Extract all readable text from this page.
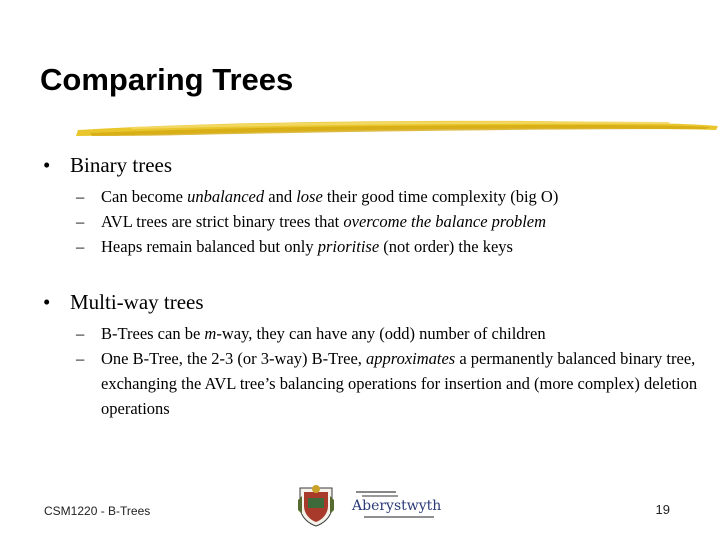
Comparing Trees
• Binary trees
– Can become unbalanced and lose their good time complexity (big O)
– AVL trees are strict binary trees that overcome the balance problem
– Heaps remain balanced but only prioritise (not order) the keys
• Multi-way trees
– B-Trees can be m-way, they can have any (odd) number of children
– One B-Tree, the 2-3 (or 3-way) B-Tree, approximates a permanently balanced binary tree, exchanging the AVL tree’s balancing operations for insertion and (more complex) deletion operations
CSM1220 - B-Trees	Aberystwyth	19
